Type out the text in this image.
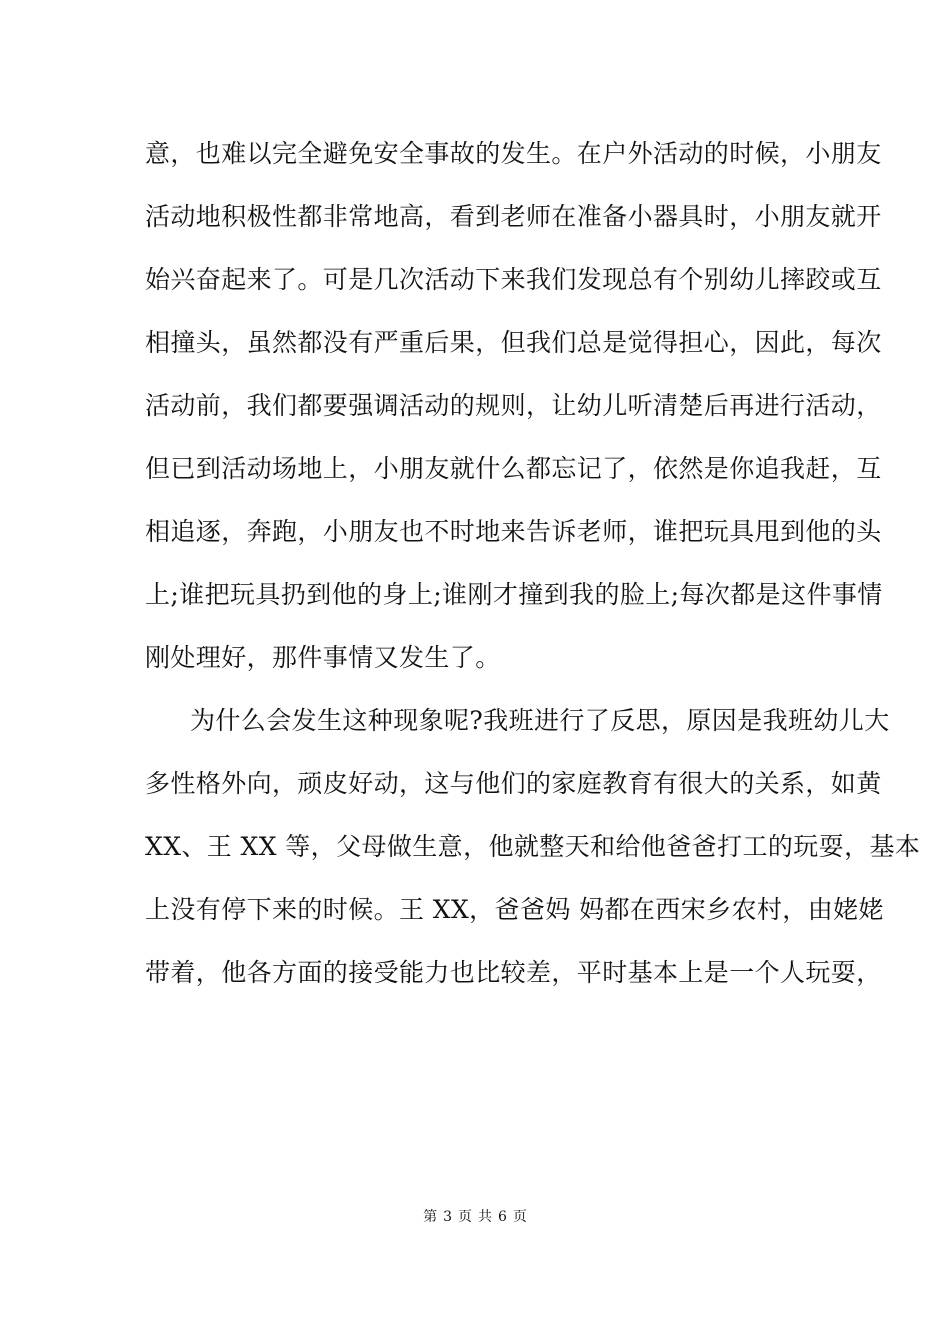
意，也难以完全避免安全事故的发生。在户外活动的时候，小朋友
活动地积极性都非常地高，看到老师在准备小器具时，小朋友就开
始兴奋起来了。可是几次活动下来我们发现总有个别幼儿摔跤或互
相撞头，虽然都没有严重后果，但我们总是觉得担心，因此，每次
活动前，我们都要强调活动的规则，让幼儿听清楚后再进行活动，
但已到活动场地上，小朋友就什么都忘记了，依然是你追我赶，互
相追逐，奔跑，小朋友也不时地来告诉老师，谁把玩具甩到他的头
上;谁把玩具扔到他的身上;谁刚才撞到我的脸上;每次都是这件事情
刚处理好，那件事情又发生了。
为什么会发生这种现象呢?我班进行了反思，原因是我班幼儿大
多性格外向，顽皮好动，这与他们的家庭教育有很大的关系，如黄
XX、王 XX 等，父母做生意，他就整天和给他爸爸打工的玩耍，基本
上没有停下来的时候。王 XX，爸爸妈 妈都在西宋乡农村，由姥姥
带着，他各方面的接受能力也比较差，平时基本上是一个人玩耍，
第 3 页 共 6 页
